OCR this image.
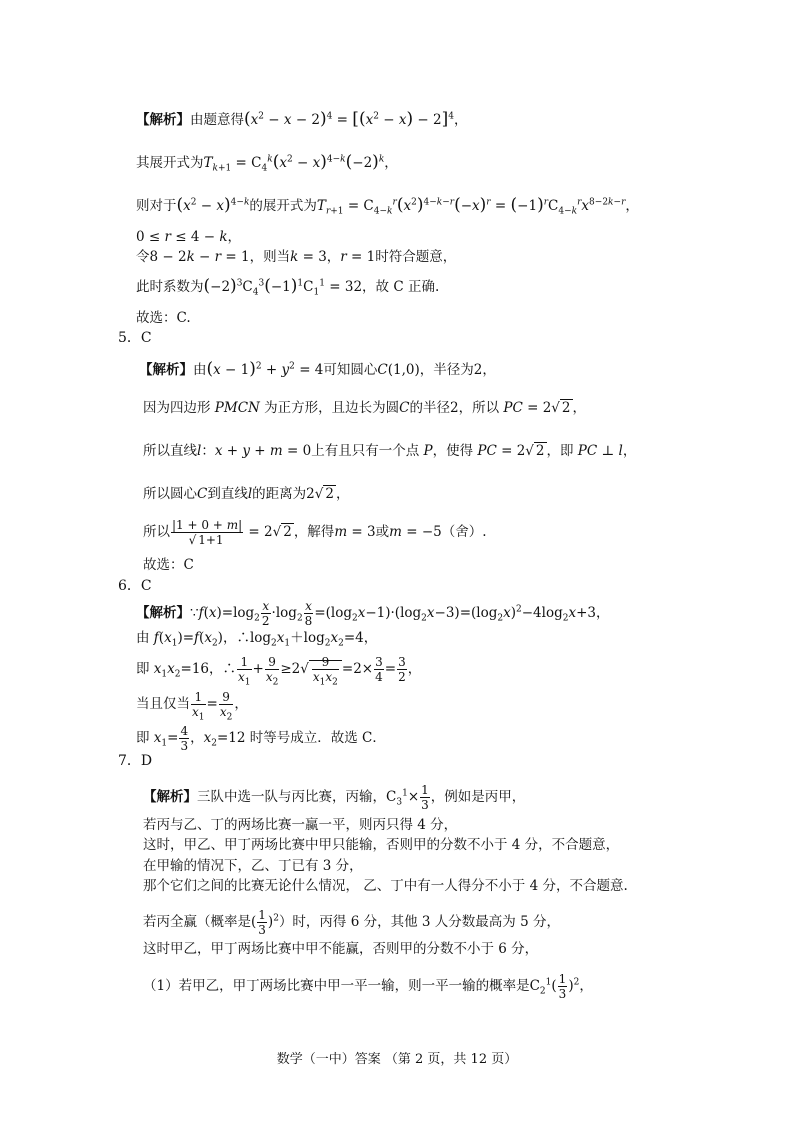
【解析】由题意得$(x^2 - x - 2)^4 = [(x^2 - x) - 2]^4$，
其展开式为$T_{k+1} = C_4^k(x^2 - x)^{4-k}(-2)^k$，
则对于$(x^2 - x)^{4-k}$的展开式为$T_{r+1} = C_{4-k}^r(x^2)^{4-k-r}(-x)^r = (-1)^rC_{4-k}^rx^{8-2k-r}$，
0 ≤ r ≤ 4 − k，
令8 − 2k − r = 1，则当k = 3，r = 1时符合题意，
此时系数为$(-2)^3C_4^3(-1)^1C_1^1 = 32$，故 C 正确.
故选：C.
5．C
【解析】由$(x - 1)^2 + y^2 = 4$可知圆心C(1,0)，半径为2，
因为四边形 PMCN 为正方形，且边长为圆C的半径2，所以 PC = 2√ 2 ，
所以直线l：x + y + m = 0上有且只有一个点 P，使得 PC = 2√ 2 ，即 PC ⊥ l，
所以圆心C到直线l的距离为2√ 2 ，
所以 $\frac{|1 + 0 + m|}{√ 1+1} = 2√$ 2 ，解得m = 3或m = −5（舍）.
故选：C
6．C
【解析】$\because f(x)=\log_2 \frac{x}{2} \cdot\log_2 \frac{x}{8} =(\log_2x-1)\cdot(\log_2x-3)=(\log_2x)^2-4\log_2x+3$，
由 $f(x_1)=f(x_2)$，$\therefore\log_2x_1+\log_2x_2=4$，
即 $x_1x_2=16$，∴ $\frac{1}{x_1} + \frac{9}{x_2} \ge 2√ \frac{9}{x_1x_2} =2\times \frac{3}{4} = \frac{3}{2}$ ，
当且仅当 $\frac{1}{x_1} = \frac{9}{x_2}$ ，
即 $x_1= \frac{4}{3}$ ，$x_2=12$ 时等号成立．故选 C．
7．D
【解析】三队中选一队与丙比赛，丙输，$C_3^1\times \frac{1}{3}$ ，例如是丙甲，
若丙与乙、丁的两场比赛一赢一平，则丙只得 4 分，
这时，甲乙、甲丁两场比赛中甲只能输，否则甲的分数不小于 4 分，不合题意，
在甲输的情况下，乙、丁已有 3 分，
那个它们之间的比赛无论什么情况， 乙、丁中有一人得分不小于 4 分，不合题意.
若丙全赢（概率是( $\frac{1}{3} )^2$）时，丙得 6 分，其他 3 人分数最高为 5 分，
这时甲乙，甲丁两场比赛中甲不能赢，否则甲的分数不小于 6 分，
（1）若甲乙，甲丁两场比赛中甲一平一输，则一平一输的概率是$C_2^1( \frac{1}{3} )^2$，
数学（一中）答案 （第 2 页，共 12 页）
